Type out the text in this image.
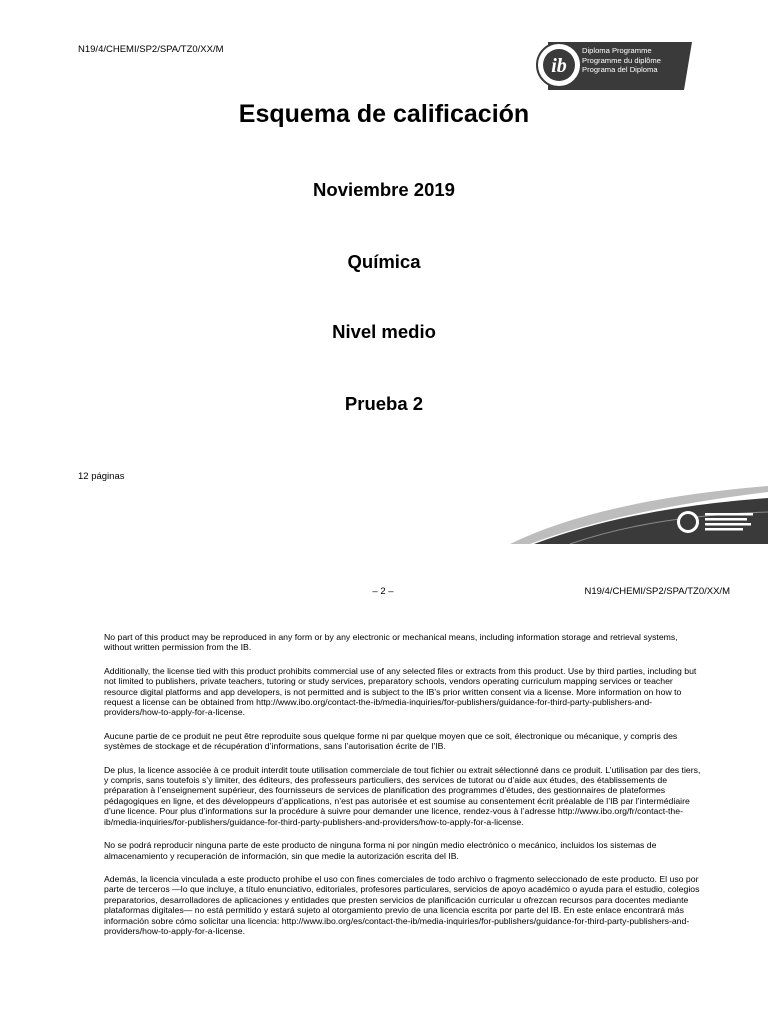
N19/4/CHEMI/SP2/SPA/TZ0/XX/M
ib
Diploma Programme
Programme du diplôme
Programa del Diploma
Esquema de calificación
Noviembre 2019
Química
Nivel medio
Prueba 2
12 páginas
– 2 –	N19/4/CHEMI/SP2/SPA/TZ0/XX/M

No part of this product may be reproduced in any form or by any electronic or mechanical means, including information storage and retrieval systems, without written permission from the IB.

Additionally, the license tied with this product prohibits commercial use of any selected files or extracts from this product. Use by third parties, including but not limited to publishers, private teachers, tutoring or study services, preparatory schools, vendors operating curriculum mapping services or teacher resource digital platforms and app developers, is not permitted and is subject to the IB’s prior written consent via a license. More information on how to request a license can be obtained from http://www.ibo.org/contact-the-ib/media-inquiries/for-publishers/guidance-for-third-party-publishers-and-providers/how-to-apply-for-a-license.

Aucune partie de ce produit ne peut être reproduite sous quelque forme ni par quelque moyen que ce soit, électronique ou mécanique, y compris des systèmes de stockage et de récupération d’informations, sans l’autorisation écrite de l’IB.

De plus, la licence associée à ce produit interdit toute utilisation commerciale de tout fichier ou extrait sélectionné dans ce produit. L’utilisation par des tiers, y compris, sans toutefois s’y limiter, des éditeurs, des professeurs particuliers, des services de tutorat ou d’aide aux études, des établissements de préparation à l’enseignement supérieur, des fournisseurs de services de planification des programmes d’études, des gestionnaires de plateformes pédagogiques en ligne, et des développeurs d’applications, n’est pas autorisée et est soumise au consentement écrit préalable de l’IB par l’intermédiaire d’une licence. Pour plus d’informations sur la procédure à suivre pour demander une licence, rendez-vous à l’adresse http://www.ibo.org/fr/contact-the-ib/media-inquiries/for-publishers/guidance-for-third-party-publishers-and-providers/how-to-apply-for-a-license.

No se podrá reproducir ninguna parte de este producto de ninguna forma ni por ningún medio electrónico o mecánico, incluidos los sistemas de almacenamiento y recuperación de información, sin que medie la autorización escrita del IB.

Además, la licencia vinculada a este producto prohíbe el uso con fines comerciales de todo archivo o fragmento seleccionado de este producto. El uso por parte de terceros —lo que incluye, a título enunciativo, editoriales, profesores particulares, servicios de apoyo académico o ayuda para el estudio, colegios preparatorios, desarrolladores de aplicaciones y entidades que presten servicios de planificación curricular u ofrezcan recursos para docentes mediante plataformas digitales— no está permitido y estará sujeto al otorgamiento previo de una licencia escrita por parte del IB. En este enlace encontrará más información sobre cómo solicitar una licencia: http://www.ibo.org/es/contact-the-ib/media-inquiries/for-publishers/guidance-for-third-party-publishers-and-providers/how-to-apply-for-a-license.
